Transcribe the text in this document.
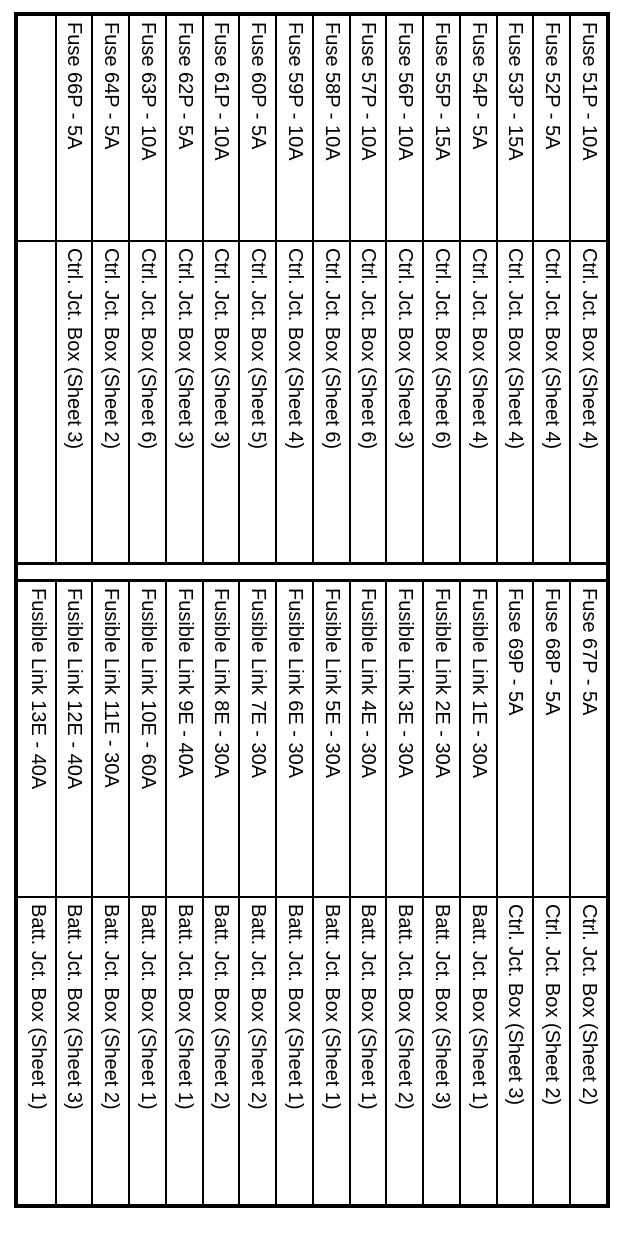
Fuse 51P - 10A
Ctrl. Jct. Box (Sheet 4)
Fuse 52P - 5A
Ctrl. Jct. Box (Sheet 4)
Fuse 53P - 15A
Ctrl. Jct. Box (Sheet 4)
Fuse 54P - 5A
Ctrl. Jct. Box (Sheet 4)
Fuse 55P - 15A
Ctrl. Jct. Box (Sheet 6)
Fuse 56P - 10A
Ctrl. Jct. Box (Sheet 3)
Fuse 57P - 10A
Ctrl. Jct. Box (Sheet 6)
Fuse 58P - 10A
Ctrl. Jct. Box (Sheet 6)
Fuse 59P - 10A
Ctrl. Jct. Box (Sheet 4)
Fuse 60P - 5A
Ctrl. Jct. Box (Sheet 5)
Fuse 61P - 10A
Ctrl. Jct. Box (Sheet 3)
Fuse 62P - 5A
Ctrl. Jct. Box (Sheet 3)
Fuse 63P - 10A
Ctrl. Jct. Box (Sheet 6)
Fuse 64P - 5A
Ctrl. Jct. Box (Sheet 2)
Fuse 66P - 5A
Ctrl. Jct. Box (Sheet 3)
Fuse 67P - 5A
Ctrl. Jct. Box (Sheet 2)
Fuse 68P - 5A
Ctrl. Jct. Box (Sheet 2)
Fuse 69P - 5A
Ctrl. Jct. Box (Sheet 3)
Fusible Link 1E - 30A
Batt. Jct. Box (Sheet 1)
Fusible Link 2E - 30A
Batt. Jct. Box (Sheet 3)
Fusible Link 3E - 30A
Batt. Jct. Box (Sheet 2)
Fusible Link 4E - 30A
Batt. Jct. Box (Sheet 1)
Fusible Link 5E - 30A
Batt. Jct. Box (Sheet 1)
Fusible Link 6E - 30A
Batt. Jct. Box (Sheet 1)
Fusible Link 7E - 30A
Batt. Jct. Box (Sheet 2)
Fusible Link 8E - 30A
Batt. Jct. Box (Sheet 2)
Fusible Link 9E - 40A
Batt. Jct. Box (Sheet 1)
Fusible Link 10E - 60A
Batt. Jct. Box (Sheet 1)
Fusible Link 11E - 30A
Batt. Jct. Box (Sheet 2)
Fusible Link 12E - 40A
Batt. Jct. Box (Sheet 3)
Fusible Link 13E - 40A
Batt. Jct. Box (Sheet 1)
